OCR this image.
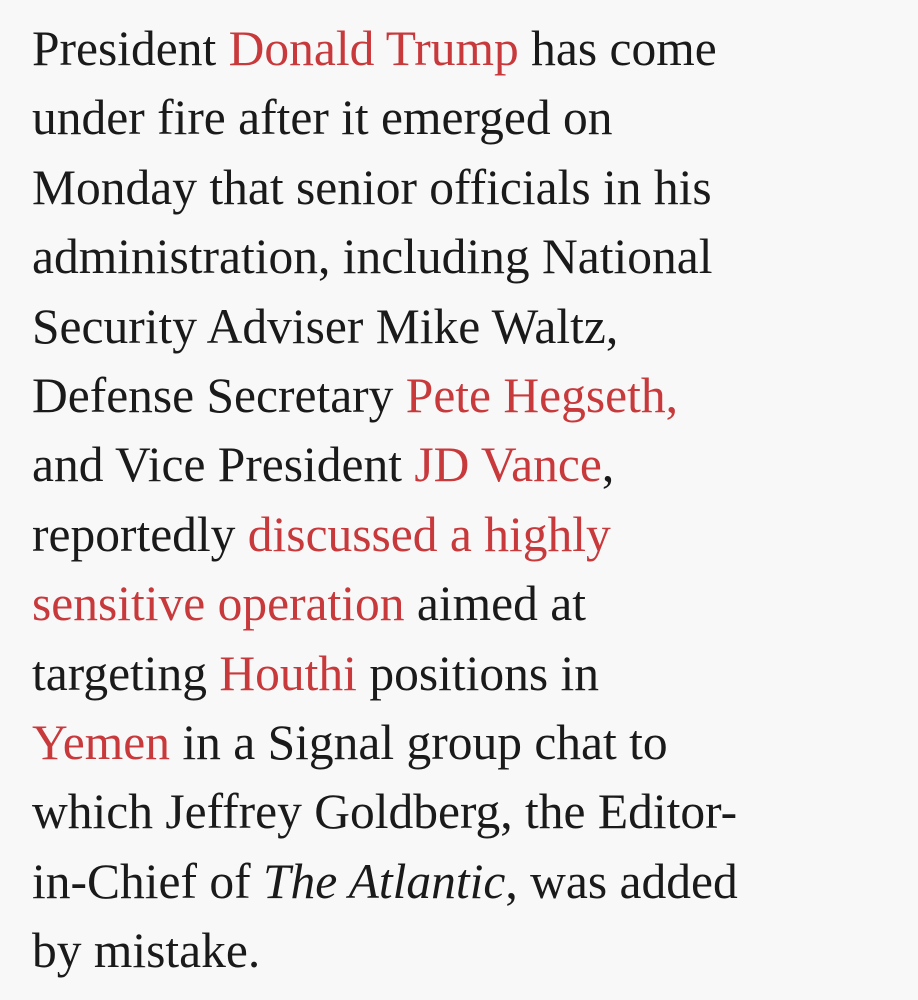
President Donald Trump has come
under fire after it emerged on
Monday that senior officials in his
administration, including National
Security Adviser Mike Waltz,
Defense Secretary Pete Hegseth,
and Vice President JD Vance,
reportedly discussed a highly
sensitive operation aimed at
targeting Houthi positions in
Yemen in a Signal group chat to
which Jeffrey Goldberg, the Editor-
in-Chief of The Atlantic, was added
by mistake.
